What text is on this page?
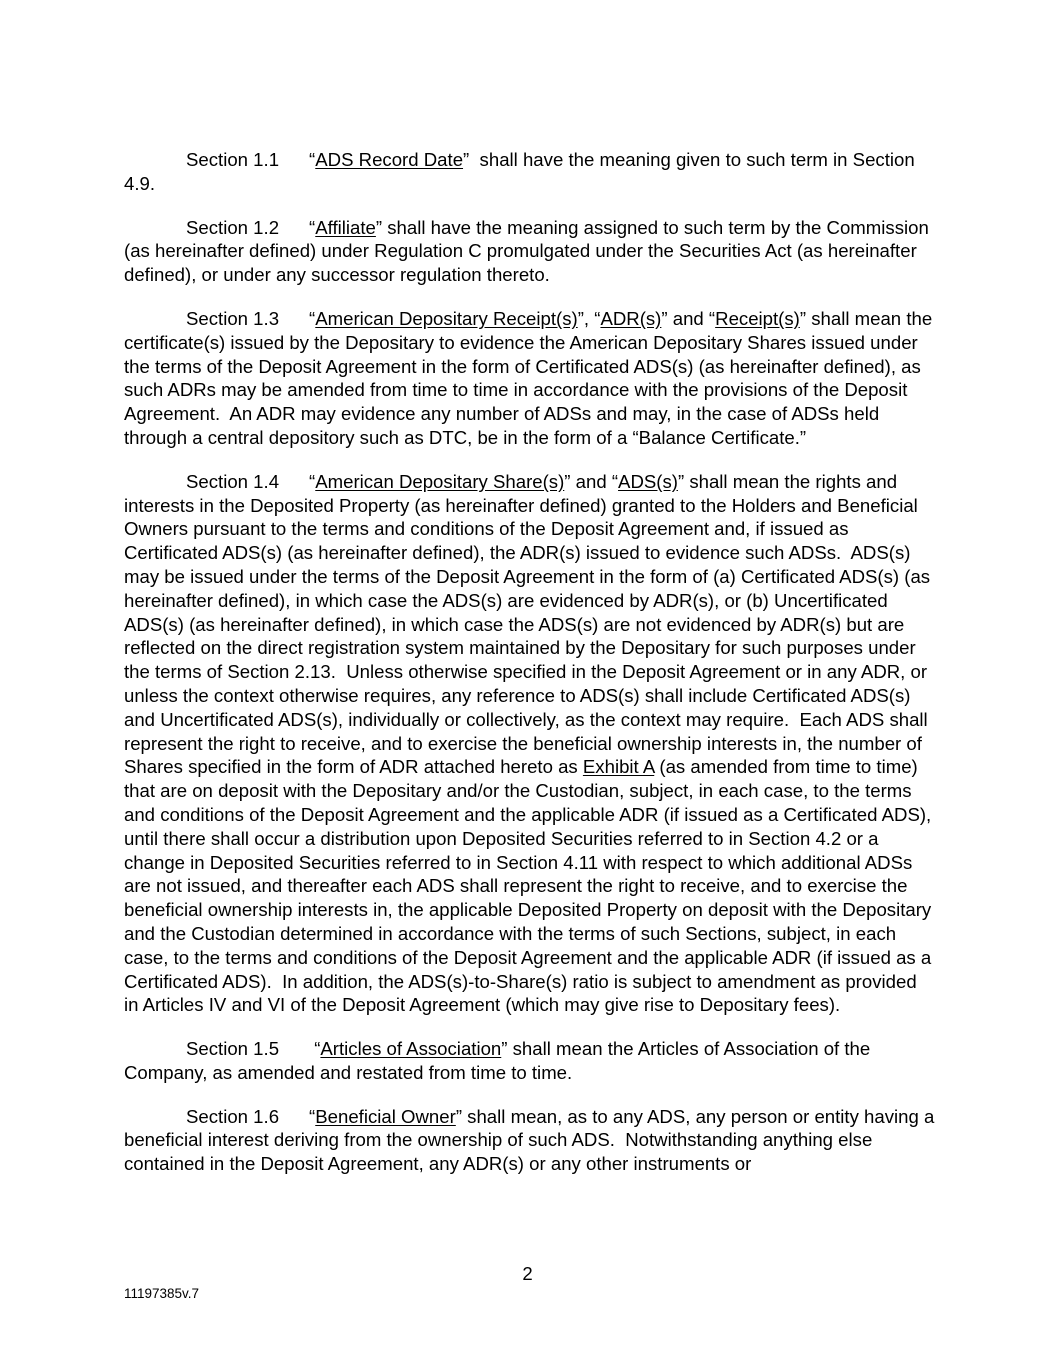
Section 1.1 “ADS Record Date”  shall have the meaning given to such term in Section 4.9.

Section 1.2 “Affiliate” shall have the meaning assigned to such term by the Commission (as hereinafter defined) under Regulation C promulgated under the Securities Act (as hereinafter defined), or under any successor regulation thereto.

Section 1.3 “American Depositary Receipt(s)”, “ADR(s)” and “Receipt(s)” shall mean the certificate(s) issued by the Depositary to evidence the American Depositary Shares issued under the terms of the Deposit Agreement in the form of Certificated ADS(s) (as hereinafter defined), as such ADRs may be amended from time to time in accordance with the provisions of the Deposit Agreement.  An ADR may evidence any number of ADSs and may, in the case of ADSs held through a central depository such as DTC, be in the form of a “Balance Certificate.”

Section 1.4 “American Depositary Share(s)” and “ADS(s)” shall mean the rights and interests in the Deposited Property (as hereinafter defined) granted to the Holders and Beneficial Owners pursuant to the terms and conditions of the Deposit Agreement and, if issued as Certificated ADS(s) (as hereinafter defined), the ADR(s) issued to evidence such ADSs.  ADS(s) may be issued under the terms of the Deposit Agreement in the form of (a) Certificated ADS(s) (as hereinafter defined), in which case the ADS(s) are evidenced by ADR(s), or (b) Uncertificated ADS(s) (as hereinafter defined), in which case the ADS(s) are not evidenced by ADR(s) but are reflected on the direct registration system maintained by the Depositary for such purposes under the terms of Section 2.13.  Unless otherwise specified in the Deposit Agreement or in any ADR, or unless the context otherwise requires, any reference to ADS(s) shall include Certificated ADS(s) and Uncertificated ADS(s), individually or collectively, as the context may require.  Each ADS shall represent the right to receive, and to exercise the beneficial ownership interests in, the number of Shares specified in the form of ADR attached hereto as Exhibit A (as amended from time to time) that are on deposit with the Depositary and/or the Custodian, subject, in each case, to the terms and conditions of the Deposit Agreement and the applicable ADR (if issued as a Certificated ADS), until there shall occur a distribution upon Deposited Securities referred to in Section 4.2 or a change in Deposited Securities referred to in Section 4.11 with respect to which additional ADSs are not issued, and thereafter each ADS shall represent the right to receive, and to exercise the beneficial ownership interests in, the applicable Deposited Property on deposit with the Depositary and the Custodian determined in accordance with the terms of such Sections, subject, in each case, to the terms and conditions of the Deposit Agreement and the applicable ADR (if issued as a Certificated ADS).  In addition, the ADS(s)-to-Share(s) ratio is subject to amendment as provided in Articles IV and VI of the Deposit Agreement (which may give rise to Depositary fees).

Section 1.5 “Articles of Association” shall mean the Articles of Association of the Company, as amended and restated from time to time.

Section 1.6 “Beneficial Owner” shall mean, as to any ADS, any person or entity having a beneficial interest deriving from the ownership of such ADS.  Notwithstanding anything else contained in the Deposit Agreement, any ADR(s) or any other instruments or

2
11197385v.7
